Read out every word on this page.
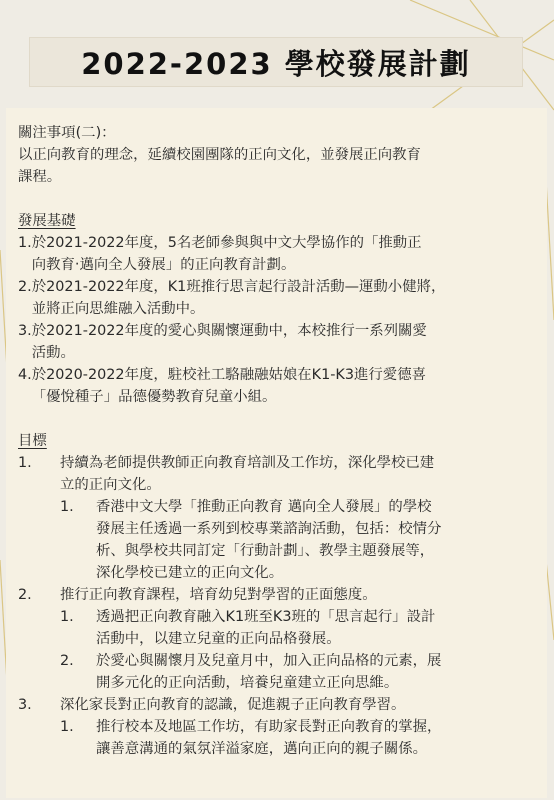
2022-2023 學校發展計劃
關注事項(二)：
以正向教育的理念，延續校園團隊的正向文化，並發展正向教育
課程。
發展基礎
1. 於2021-2022年度，5名老師參與與中文大學協作的「推動正
向教育‧邁向全人發展」的正向教育計劃。
2. 於2021-2022年度，K1班推行思言起行設計活動—運動小健將，
並將正向思維融入活動中。
3. 於2021-2022年度的愛心與關懷運動中，本校推行一系列關愛
活動。
4. 於2020-2022年度，駐校社工駱融融姑娘在K1-K3進行愛德喜
「優悅種子」品德優勢教育兒童小組。
目標
1.	持續為老師提供教師正向教育培訓及工作坊，深化學校已建
立的正向文化。
1.	香港中文大學「推動正向教育 邁向全人發展」的學校
發展主任透過一系列到校專業諮詢活動，包括：校情分
析、與學校共同訂定「行動計劃」、教學主題發展等，
深化學校已建立的正向文化。
2.	推行正向教育課程，培育幼兒對學習的正面態度。
1.	透過把正向教育融入K1班至K3班的「思言起行」設計
活動中，以建立兒童的正向品格發展。
2.	於愛心與關懷月及兒童月中，加入正向品格的元素，展
開多元化的正向活動，培養兒童建立正向思維。
3.	深化家長對正向教育的認識，促進親子正向教育學習。
1.	推行校本及地區工作坊，有助家長對正向教育的掌握，
讓善意溝通的氣氛洋溢家庭，邁向正向的親子關係。
